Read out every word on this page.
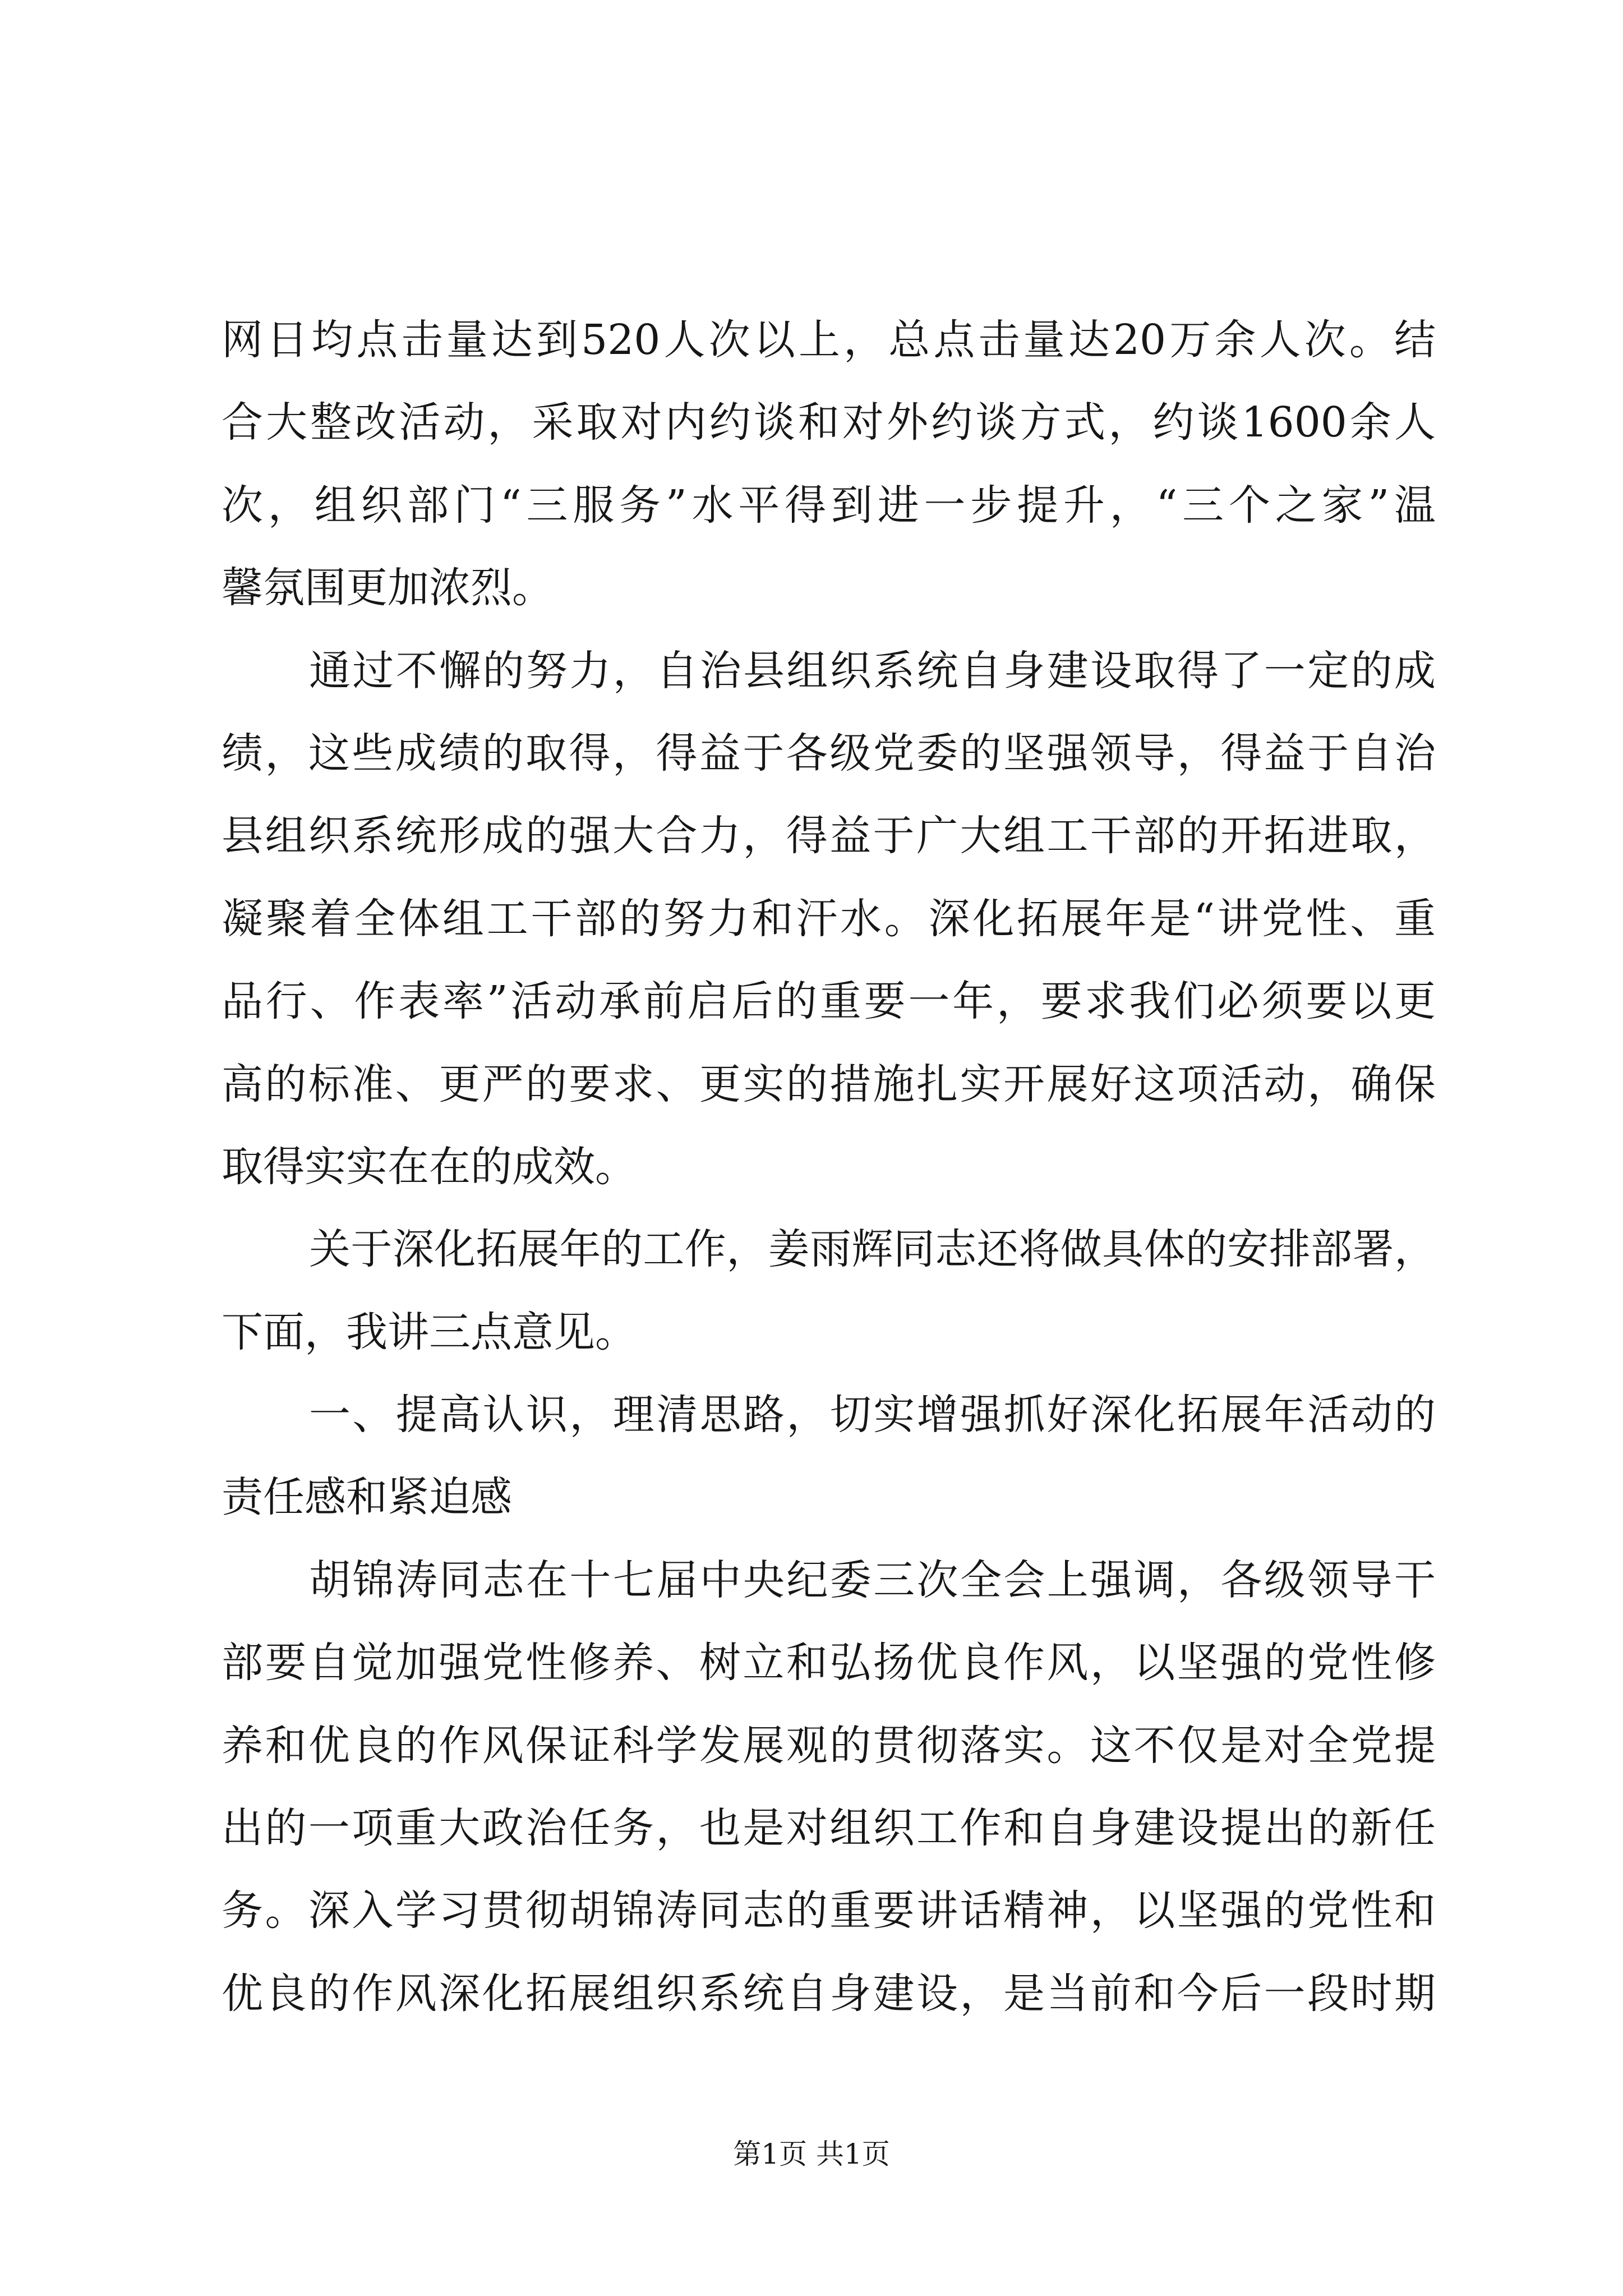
网日均点击量达到520人次以上，总点击量达20万余人次。结
合大整改活动，采取对内约谈和对外约谈方式，约谈1600余人
次，组织部门“三服务”水平得到进一步提升，“三个之家”温
馨氛围更加浓烈。

通过不懈的努力，自治县组织系统自身建设取得了一定的成
绩，这些成绩的取得，得益于各级党委的坚强领导，得益于自治
县组织系统形成的强大合力，得益于广大组工干部的开拓进取，
凝聚着全体组工干部的努力和汗水。深化拓展年是“讲党性、重
品行、作表率”活动承前启后的重要一年，要求我们必须要以更
高的标准、更严的要求、更实的措施扎实开展好这项活动，确保
取得实实在在的成效。

关于深化拓展年的工作，姜雨辉同志还将做具体的安排部署，
下面，我讲三点意见。

一、提高认识，理清思路，切实增强抓好深化拓展年活动的
责任感和紧迫感

胡锦涛同志在十七届中央纪委三次全会上强调，各级领导干
部要自觉加强党性修养、树立和弘扬优良作风，以坚强的党性修
养和优良的作风保证科学发展观的贯彻落实。这不仅是对全党提
出的一项重大政治任务，也是对组织工作和自身建设提出的新任
务。深入学习贯彻胡锦涛同志的重要讲话精神，以坚强的党性和
优良的作风深化拓展组织系统自身建设，是当前和今后一段时期

第1页 共1页
